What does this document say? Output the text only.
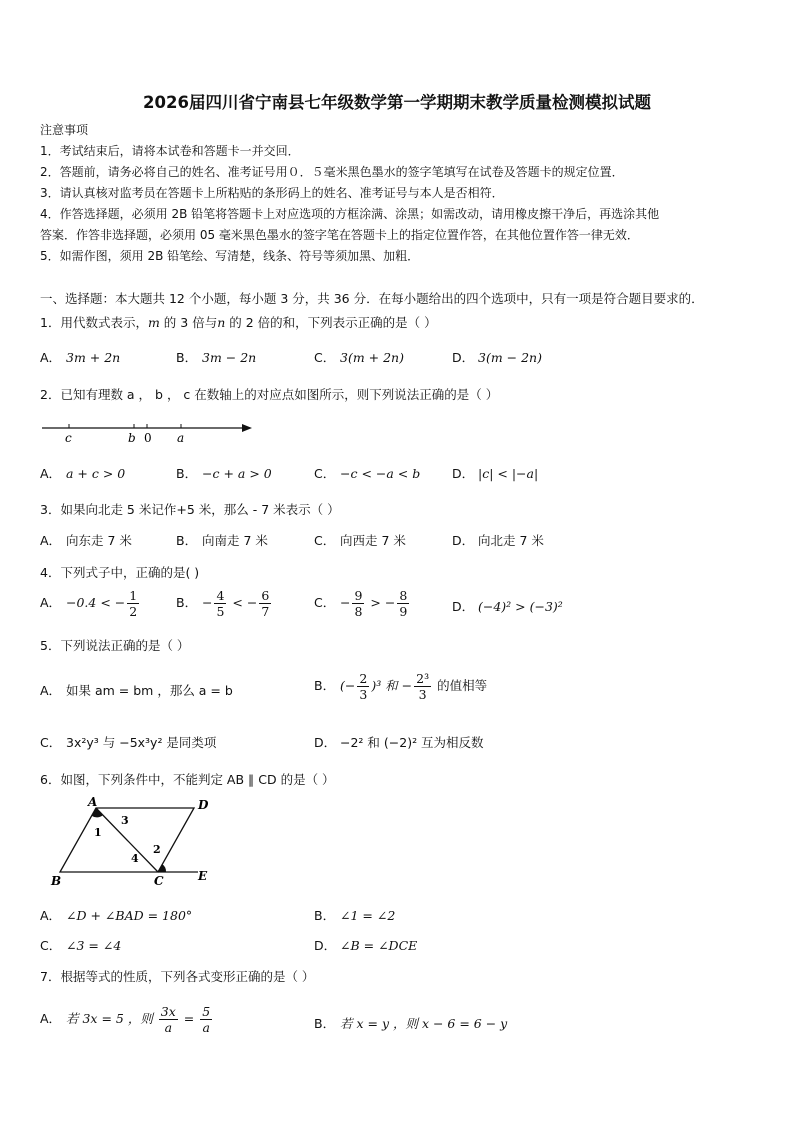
2026届四川省宁南县七年级数学第一学期期末教学质量检测模拟试题
注意事项
1．考试结束后，请将本试卷和答题卡一并交回．
2．答题前，请务必将自己的姓名、准考证号用０．５毫米黑色墨水的签字笔填写在试卷及答题卡的规定位置．
3．请认真核对监考员在答题卡上所粘贴的条形码上的姓名、准考证号与本人是否相符．
4．作答选择题，必须用 2B 铅笔将答题卡上对应选项的方框涂满、涂黑；如需改动，请用橡皮擦干净后，再选涂其他
答案．作答非选择题，必须用 05 毫米黑色墨水的签字笔在答题卡上的指定位置作答，在其他位置作答一律无效．
5．如需作图，须用 2B 铅笔绘、写清楚，线条、符号等须加黑、加粗．
一、选择题：本大题共 12 个小题，每小题 3 分，共 36 分．在每小题给出的四个选项中，只有一项是符合题目要求的．
1．用代数式表示，m 的 3 倍与n 的 2 倍的和，下列表示正确的是（ ）
A． 3m + 2n	B． 3m − 2n	C． 3(m + 2n)	D． 3(m − 2n)
2．已知有理数 a ， b ， c 在数轴上的对应点如图所示，则下列说法正确的是（ ）
c	b 0 a
A． a + c > 0	B． −c + a > 0	C． −c < −a < b	D． |c| < |−a|
3．如果向北走 5 米记作+5 米，那么 - 7 米表示（ ）
A． 向东走 7 米	B． 向南走 7 米	C． 向西走 7 米	D． 向北走 7 米
4．下列式子中，正确的是( )
A． −0.4 < − $\frac{1}{2}$	B． − $\frac{4}{5}$ < − $\frac{6}{7}$	C． − $\frac{9}{8}$ > − $\frac{8}{9}$	D． (−4)² > (−3)²
5．下列说法正确的是（ ）
A． 如果 am = bm ，那么 a = b	B． (− $\frac{2}{3} )^3$ 和 − $\frac{\text{2³}}{3}$ 的值相等
C． 3x²y³ 与 −5x³y² 是同类项	D． −2² 和 (−2)² 互为相反数
6．如图，下列条件中，不能判定 AB ∥ CD 的是（ ）
A	D
B	C	E
1
2
3
4
A． ∠D + ∠BAD = 180°	B． ∠1 = ∠2
C． ∠3 = ∠4	D． ∠B = ∠DCE
7．根据等式的性质，下列各式变形正确的是（ ）
A． 若 3x = 5 ，则 $\frac{3x}{a} = \frac{5}{a}$	B． 若 x = y ，则 x − 6 = 6 − y
